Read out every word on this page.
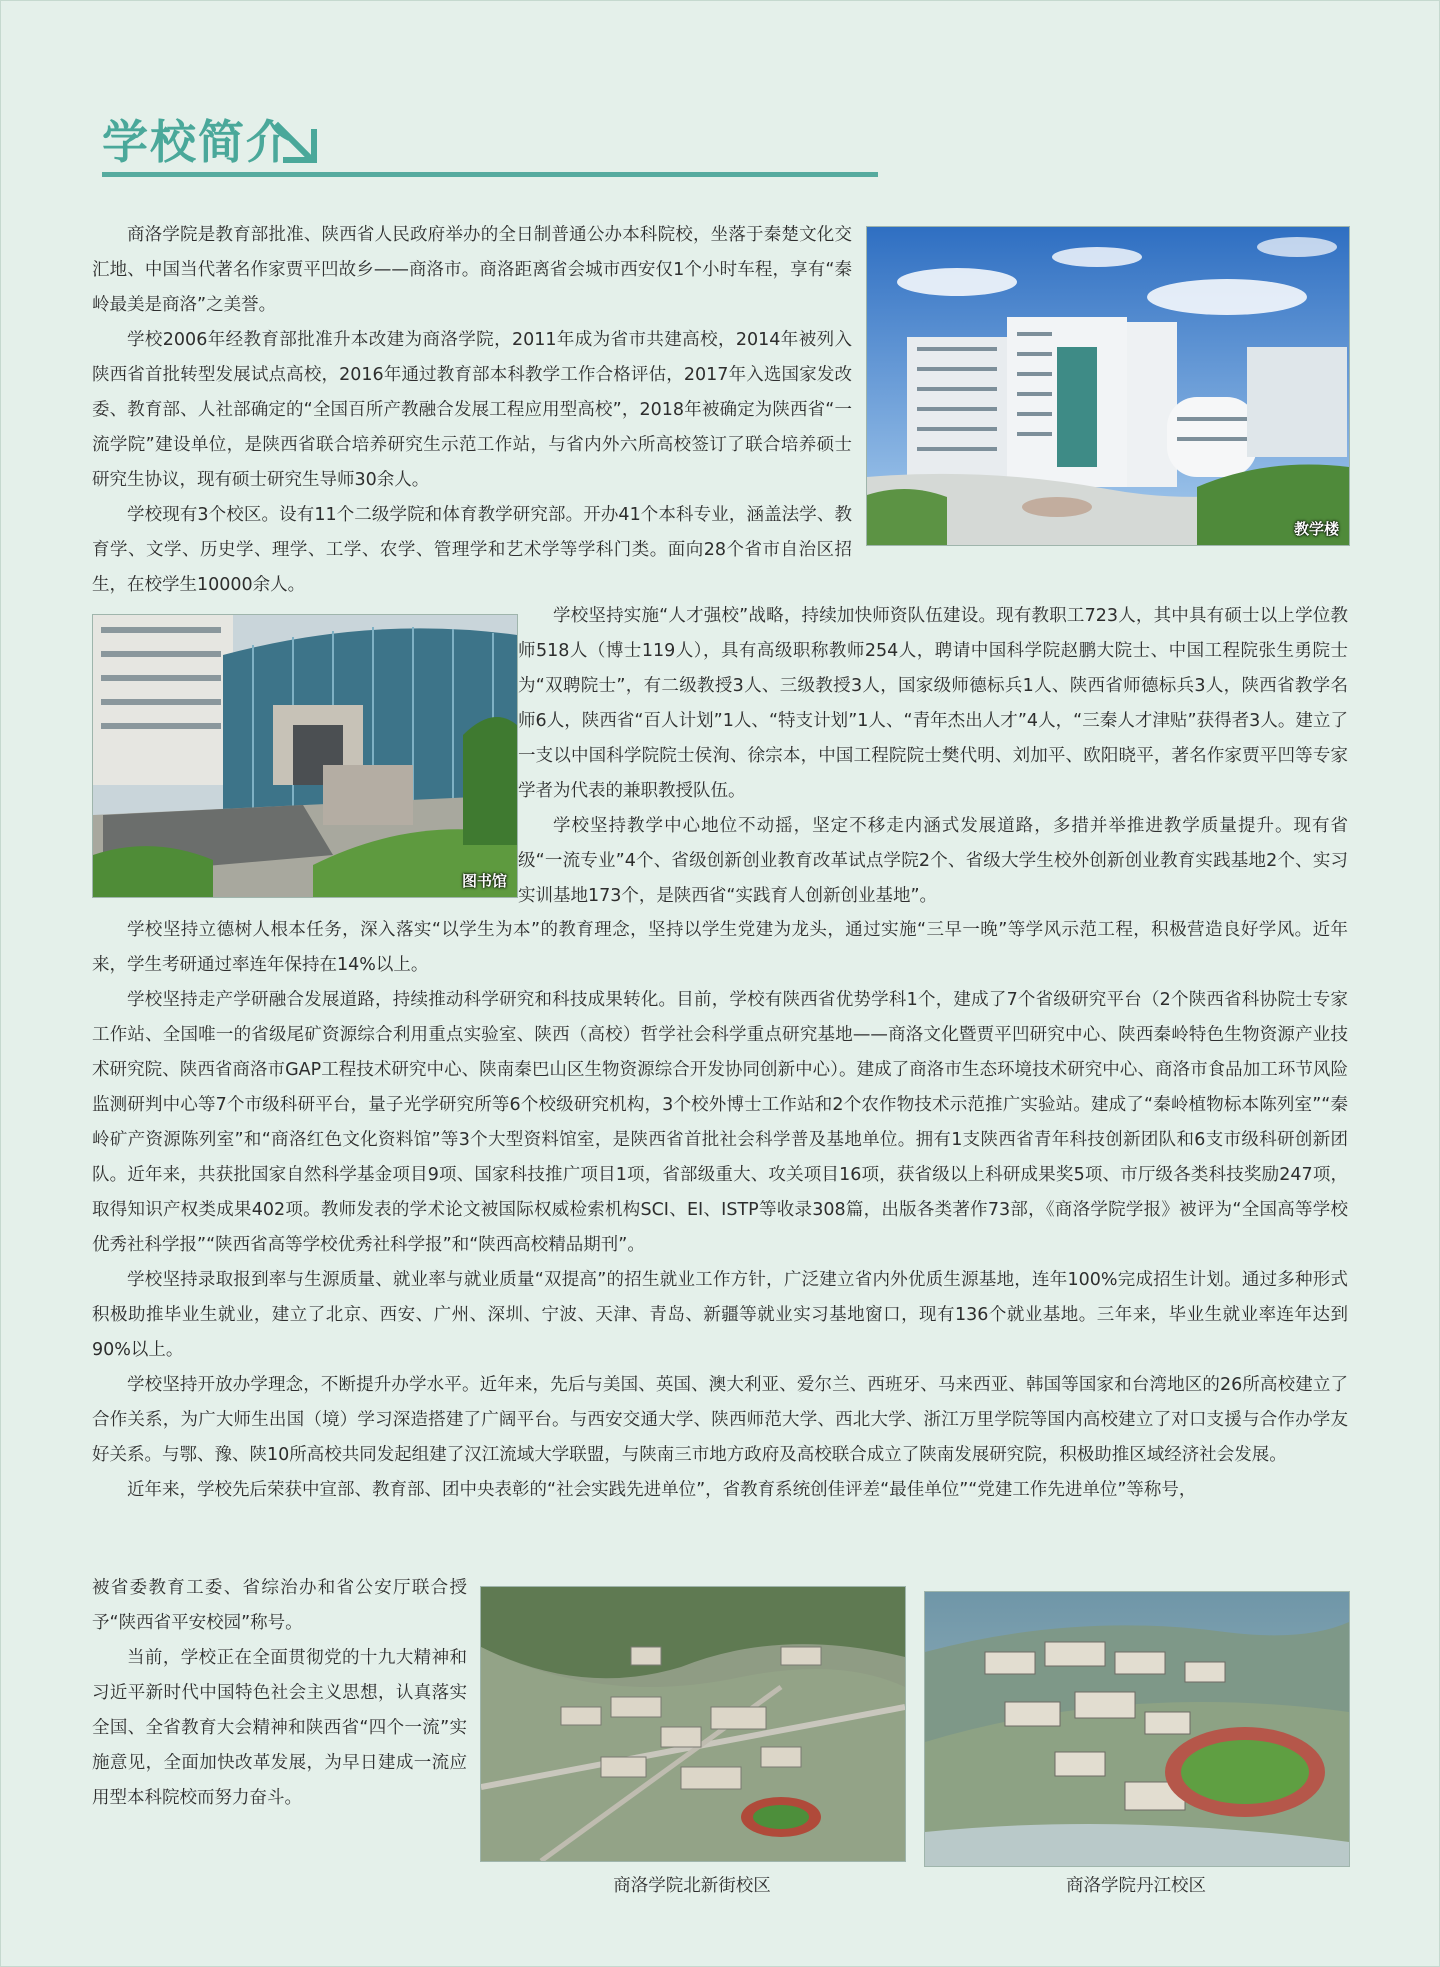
学校简介

商洛学院是教育部批准、陕西省人民政府举办的全日制普通公办本科院校，坐落于秦楚文化交汇地、中国当代著名作家贾平凹故乡——商洛市。商洛距离省会城市西安仅1个小时车程，享有“秦岭最美是商洛”之美誉。

学校2006年经教育部批准升本改建为商洛学院，2011年成为省市共建高校，2014年被列入陕西省首批转型发展试点高校，2016年通过教育部本科教学工作合格评估，2017年入选国家发改委、教育部、人社部确定的“全国百所产教融合发展工程应用型高校”，2018年被确定为陕西省“一流学院”建设单位，是陕西省联合培养研究生示范工作站，与省内外六所高校签订了联合培养硕士研究生协议，现有硕士研究生导师30余人。

学校现有3个校区。设有11个二级学院和体育教学研究部。开办41个本科专业，涵盖法学、教育学、文学、历史学、理学、工学、农学、管理学和艺术学等学科门类。面向28个省市自治区招生，在校学生10000余人。

教学楼
图书馆

学校坚持实施“人才强校”战略，持续加快师资队伍建设。现有教职工723人，其中具有硕士以上学位教师518人（博士119人），具有高级职称教师254人，聘请中国科学院赵鹏大院士、中国工程院张生勇院士为“双聘院士”，有二级教授3人、三级教授3人，国家级师德标兵1人、陕西省师德标兵3人，陕西省教学名师6人，陕西省“百人计划”1人、“特支计划”1人、“青年杰出人才”4人，“三秦人才津贴”获得者3人。建立了一支以中国科学院院士侯洵、徐宗本，中国工程院院士樊代明、刘加平、欧阳晓平，著名作家贾平凹等专家学者为代表的兼职教授队伍。

学校坚持教学中心地位不动摇，坚定不移走内涵式发展道路，多措并举推进教学质量提升。现有省级“一流专业”4个、省级创新创业教育改革试点学院2个、省级大学生校外创新创业教育实践基地2个、实习实训基地173个，是陕西省“实践育人创新创业基地”。

学校坚持立德树人根本任务，深入落实“以学生为本”的教育理念，坚持以学生党建为龙头，通过实施“三早一晚”等学风示范工程，积极营造良好学风。近年来，学生考研通过率连年保持在14%以上。

学校坚持走产学研融合发展道路，持续推动科学研究和科技成果转化。目前，学校有陕西省优势学科1个，建成了7个省级研究平台（2个陕西省科协院士专家工作站、全国唯一的省级尾矿资源综合利用重点实验室、陕西（高校）哲学社会科学重点研究基地——商洛文化暨贾平凹研究中心、陕西秦岭特色生物资源产业技术研究院、陕西省商洛市GAP工程技术研究中心、陕南秦巴山区生物资源综合开发协同创新中心）。建成了商洛市生态环境技术研究中心、商洛市食品加工环节风险监测研判中心等7个市级科研平台，量子光学研究所等6个校级研究机构，3个校外博士工作站和2个农作物技术示范推广实验站。建成了“秦岭植物标本陈列室”“秦岭矿产资源陈列室”和“商洛红色文化资料馆”等3个大型资料馆室，是陕西省首批社会科学普及基地单位。拥有1支陕西省青年科技创新团队和6支市级科研创新团队。近年来，共获批国家自然科学基金项目9项、国家科技推广项目1项，省部级重大、攻关项目16项，获省级以上科研成果奖5项、市厅级各类科技奖励247项，取得知识产权类成果402项。教师发表的学术论文被国际权威检索机构SCI、EI、ISTP等收录308篇，出版各类著作73部，《商洛学院学报》被评为“全国高等学校优秀社科学报”“陕西省高等学校优秀社科学报”和“陕西高校精品期刊”。

学校坚持录取报到率与生源质量、就业率与就业质量“双提高”的招生就业工作方针，广泛建立省内外优质生源基地，连年100%完成招生计划。通过多种形式积极助推毕业生就业，建立了北京、西安、广州、深圳、宁波、天津、青岛、新疆等就业实习基地窗口，现有136个就业基地。三年来，毕业生就业率连年达到90%以上。

学校坚持开放办学理念，不断提升办学水平。近年来，先后与美国、英国、澳大利亚、爱尔兰、西班牙、马来西亚、韩国等国家和台湾地区的26所高校建立了合作关系，为广大师生出国（境）学习深造搭建了广阔平台。与西安交通大学、陕西师范大学、西北大学、浙江万里学院等国内高校建立了对口支援与合作办学友好关系。与鄂、豫、陕10所高校共同发起组建了汉江流域大学联盟，与陕南三市地方政府及高校联合成立了陕南发展研究院，积极助推区域经济社会发展。

近年来，学校先后荣获中宣部、教育部、团中央表彰的“社会实践先进单位”，省教育系统创佳评差“最佳单位”“党建工作先进单位”等称号，

被省委教育工委、省综治办和省公安厅联合授予“陕西省平安校园”称号。

当前，学校正在全面贯彻党的十九大精神和习近平新时代中国特色社会主义思想，认真落实全国、全省教育大会精神和陕西省“四个一流”实施意见，全面加快改革发展，为早日建成一流应用型本科院校而努力奋斗。

商洛学院北新街校区	商洛学院丹江校区
